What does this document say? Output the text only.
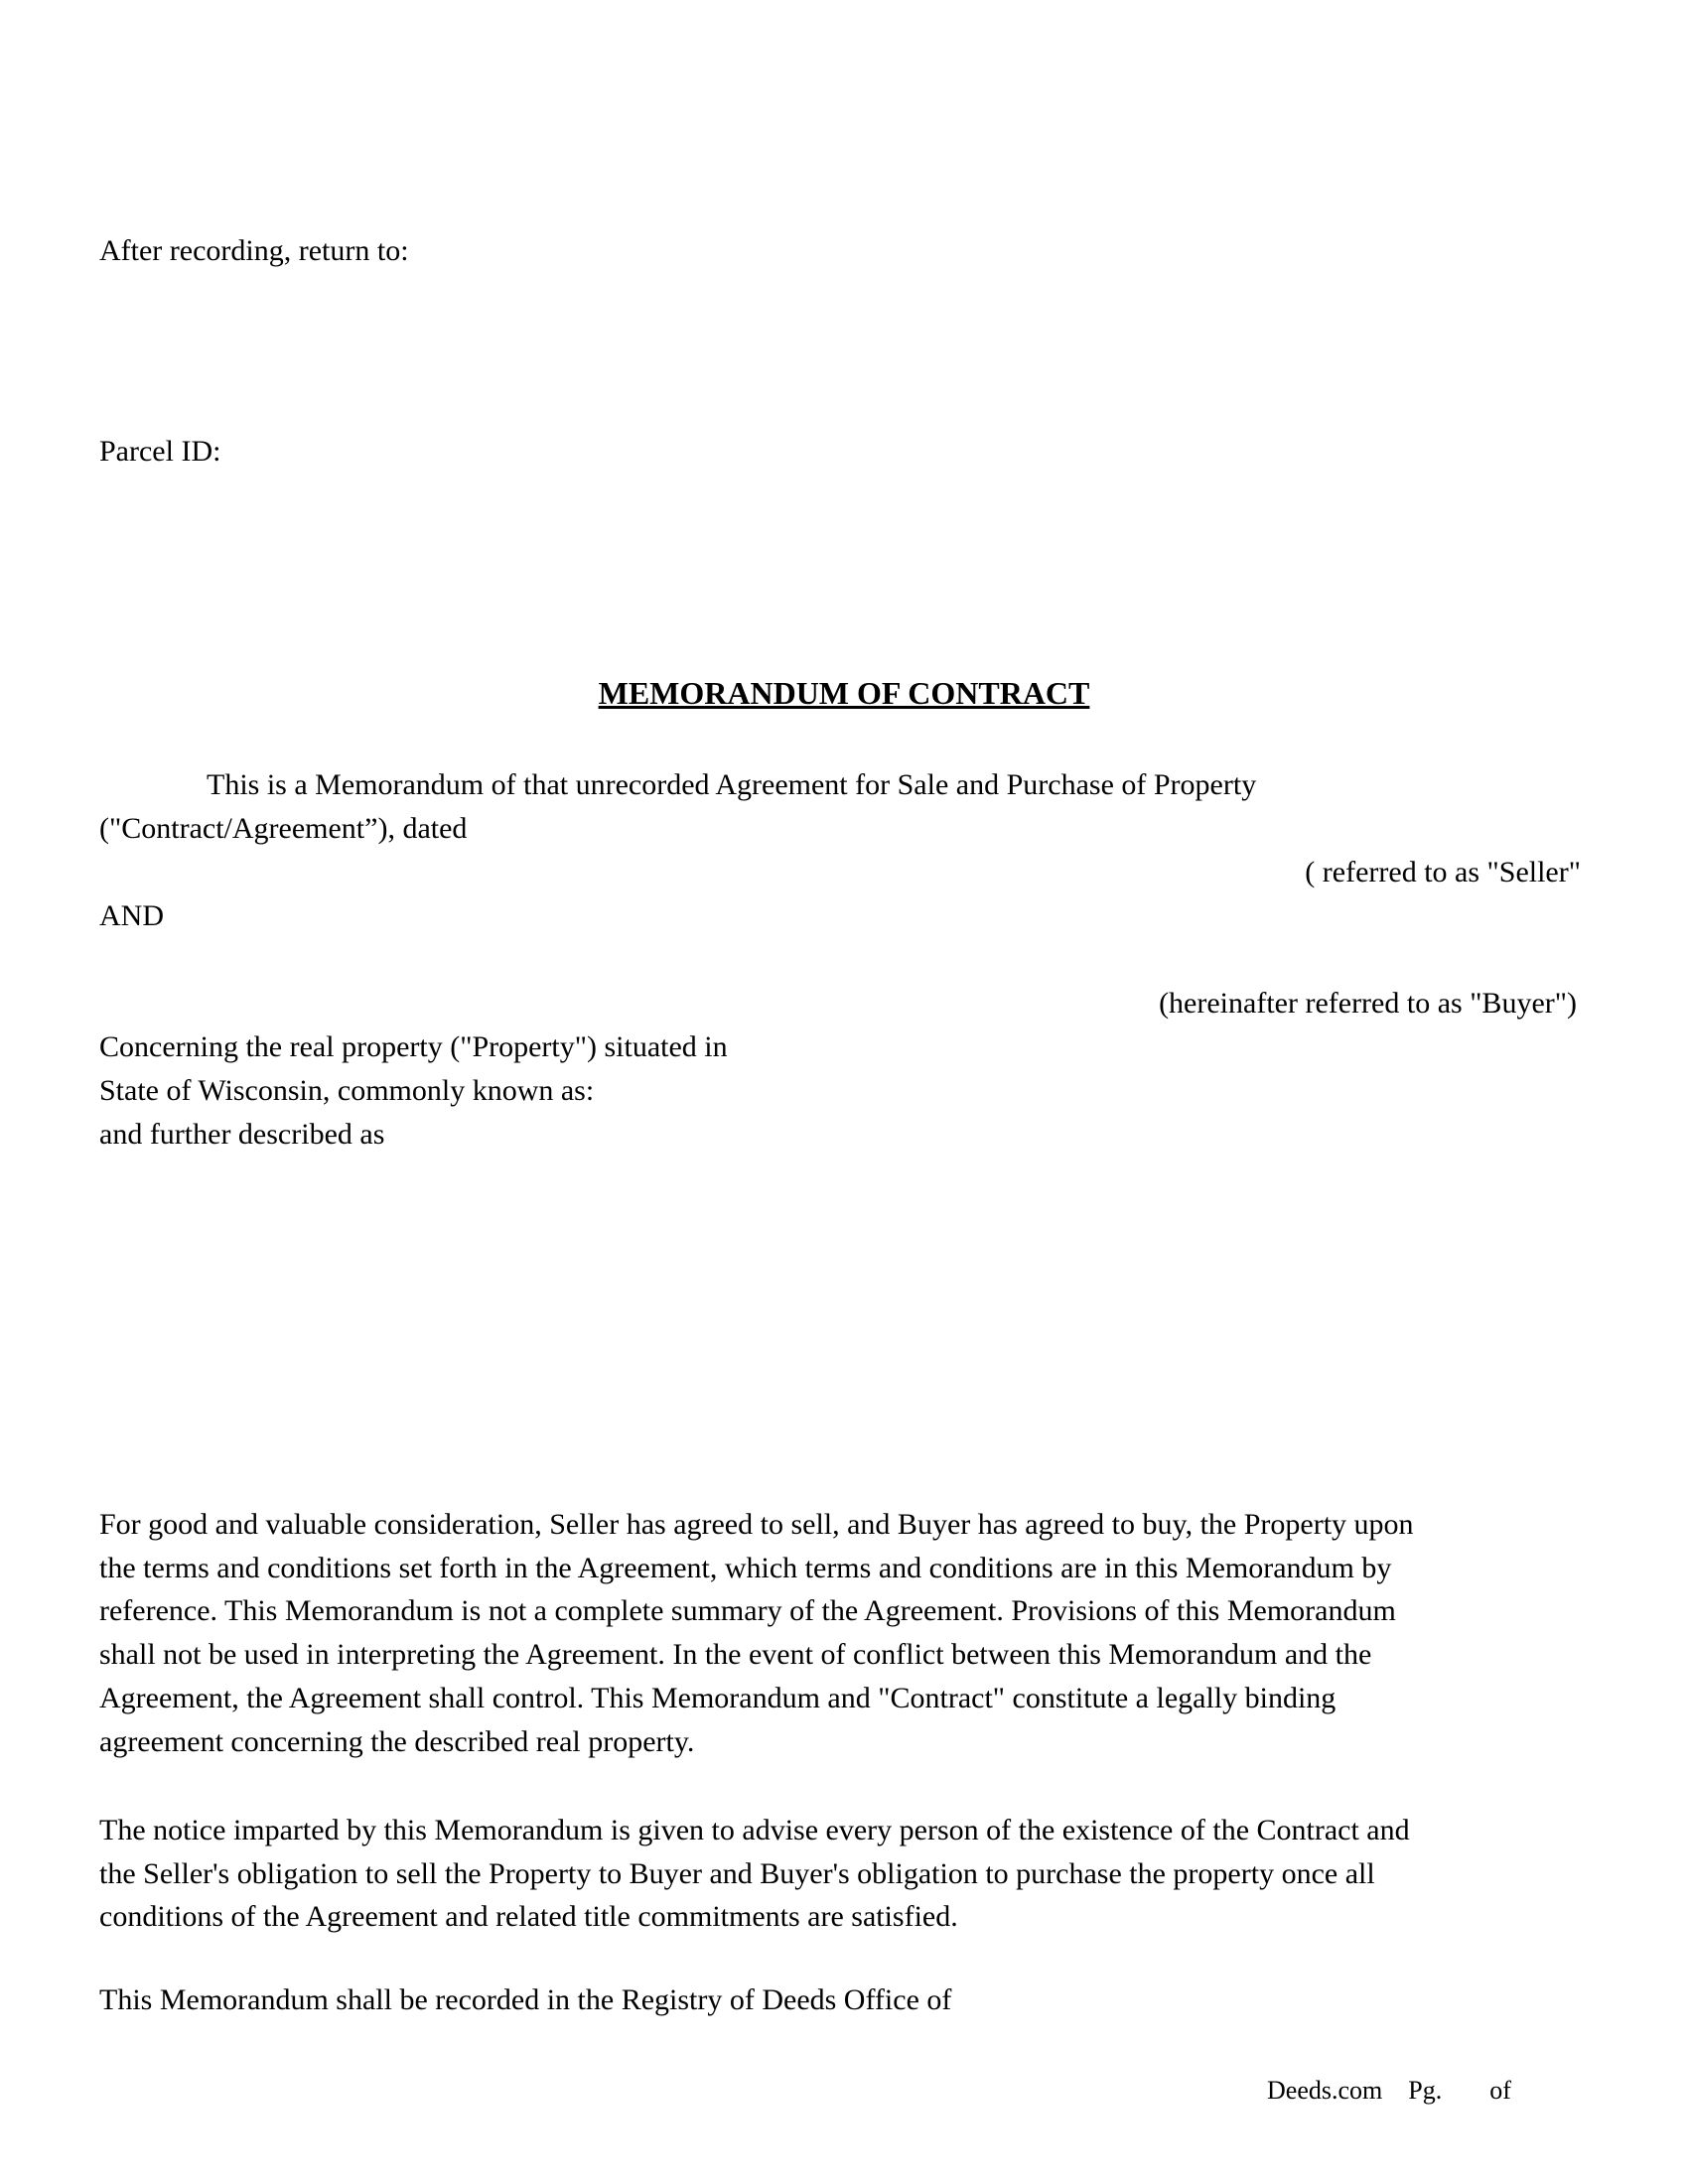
After recording, return to:
Parcel ID:
MEMORANDUM OF CONTRACT
This is a Memorandum of that unrecorded Agreement for Sale and Purchase of Property
("Contract/Agreement”), dated
( referred to as "Seller"
AND
(hereinafter referred to as "Buyer")
Concerning the real property ("Property") situated in
State of Wisconsin, commonly known as:
and further described as
For good and valuable consideration, Seller has agreed to sell, and Buyer has agreed to buy, the Property upon
the terms and conditions set forth in the Agreement, which terms and conditions are in this Memorandum by
reference. This Memorandum is not a complete summary of the Agreement. Provisions of this Memorandum
shall not be used in interpreting the Agreement. In the event of conflict between this Memorandum and the
Agreement, the Agreement shall control. This Memorandum and "Contract" constitute a legally binding
agreement concerning the described real property.
The notice imparted by this Memorandum is given to advise every person of the existence of the Contract and
the Seller's obligation to sell the Property to Buyer and Buyer's obligation to purchase the property once all
conditions of the Agreement and related title commitments are satisfied.
This Memorandum shall be recorded in the Registry of Deeds Office of
Deeds.com Pg. of
